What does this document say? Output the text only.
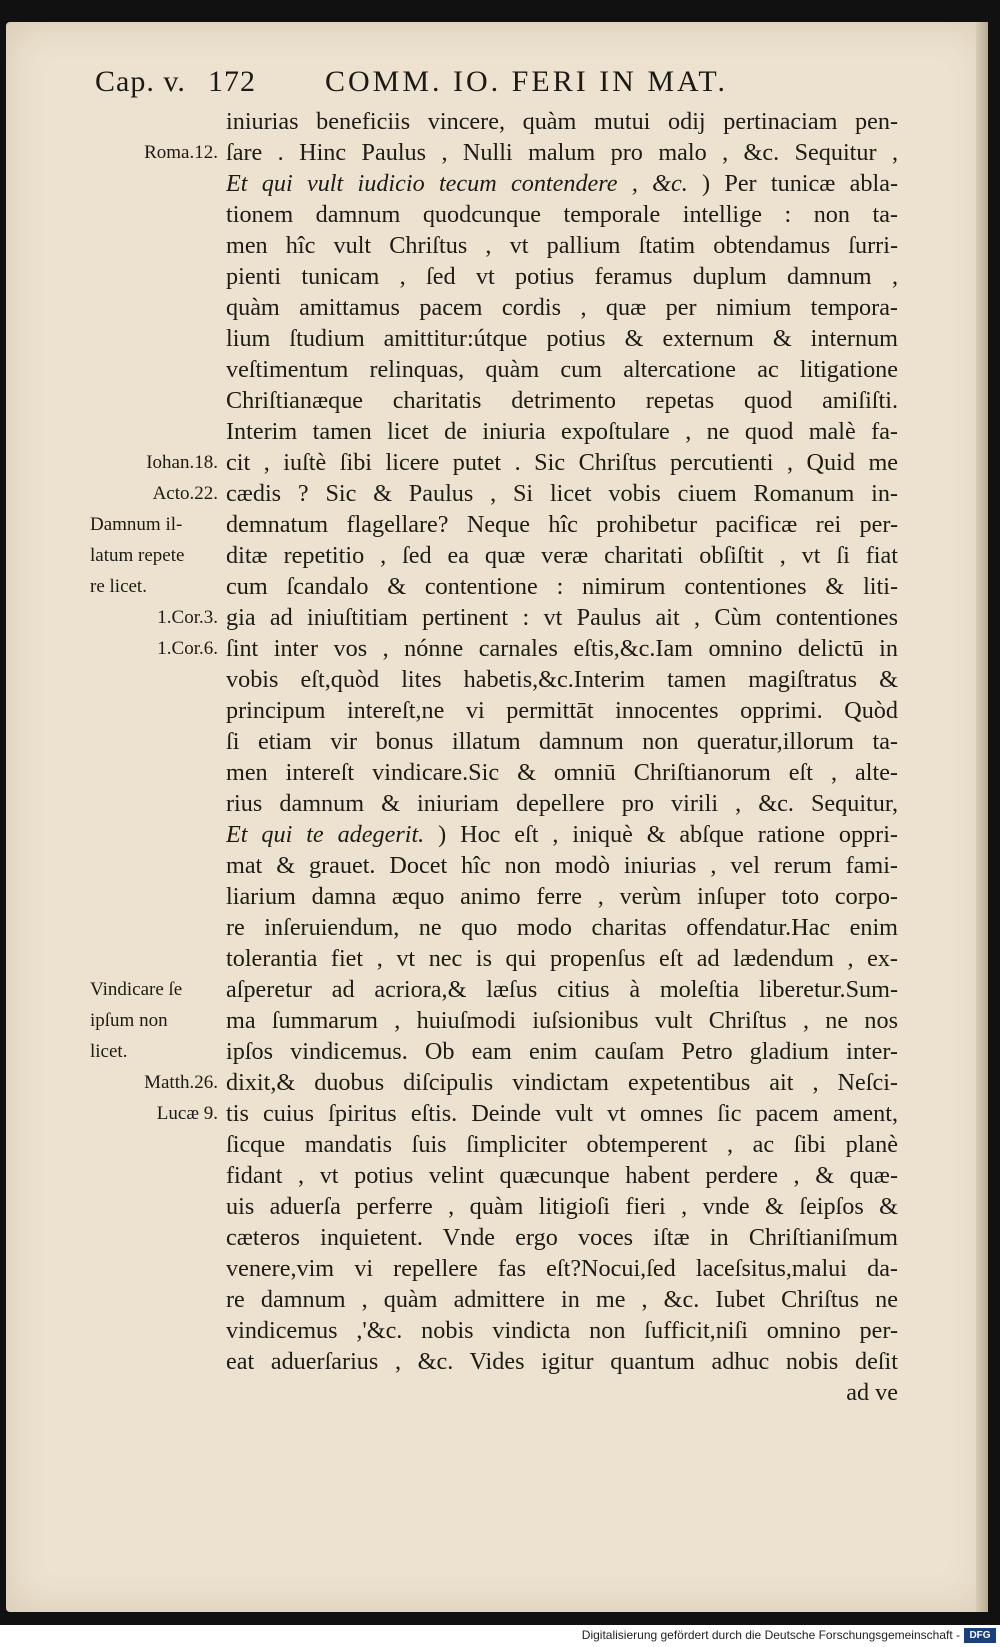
Cap. v. 172 COMM. IO. FERI IN MAT.
Roma.12.
Iohan.18.
Acto.22.
Damnum il-
latum repete
re licet.
1.Cor.3.
1.Cor.6.
Vindicare ſe
ipſum non
licet.
Matth.26.
Lucæ 9.
iniurias beneficiis vincere, quàm mutui odij pertinaciam pen-
ſare . Hinc Paulus , Nulli malum pro malo , &c. Sequitur ,
Et qui vult iudicio tecum contendere , &c. ) Per tunicæ abla-
tionem damnum quodcunque temporale intellige : non ta-
men hîc vult Chriſtus , vt pallium ſtatim obtendamus ſurri-
pienti tunicam , ſed vt potius feramus duplum damnum ,
quàm amittamus pacem cordis , quæ per nimium tempora-
lium ſtudium amittitur:útque potius & externum & internum
veſtimentum relinquas, quàm cum altercatione ac litigatione
Chriſtianæque charitatis detrimento repetas quod amiſiſti.
Interim tamen licet de iniuria expoſtulare , ne quod malè fa-
cit , iuſtè ſibi licere putet . Sic Chriſtus percutienti , Quid me
cædis ? Sic & Paulus , Si licet vobis ciuem Romanum in-
demnatum flagellare? Neque hîc prohibetur pacificæ rei per-
ditæ repetitio , ſed ea quæ veræ charitati obſiſtit , vt ſi fiat
cum ſcandalo & contentione : nimirum contentiones & liti-
gia ad iniuſtitiam pertinent : vt Paulus ait , Cùm contentiones
ſint inter vos , nónne carnales eſtis,&c.Iam omnino delictū in
vobis eſt,quòd lites habetis,&c.Interim tamen magiſtratus &
principum intereſt,ne vi permittāt innocentes opprimi. Quòd
ſi etiam vir bonus illatum damnum non queratur,illorum ta-
men intereſt vindicare.Sic & omniū Chriſtianorum eſt , alte-
rius damnum & iniuriam depellere pro virili , &c. Sequitur,
Et qui te adegerit. ) Hoc eſt , iniquè & abſque ratione oppri-
mat & grauet. Docet hîc non modò iniurias , vel rerum fami-
liarium damna æquo animo ferre , verùm inſuper toto corpo-
re inſeruiendum, ne quo modo charitas offendatur.Hac enim
tolerantia fiet , vt nec is qui propenſus eſt ad lædendum , ex-
aſperetur ad acriora,& læſus citius à moleſtia liberetur.Sum-
ma ſummarum , huiuſmodi iuſsionibus vult Chriſtus , ne nos
ipſos vindicemus. Ob eam enim cauſam Petro gladium inter-
dixit,& duobus diſcipulis vindictam expetentibus ait , Neſci-
tis cuius ſpiritus eſtis. Deinde vult vt omnes ſic pacem ament,
ſicque mandatis ſuis ſimpliciter obtemperent , ac ſibi planè
fidant , vt potius velint quæcunque habent perdere , & quæ-
uis aduerſa perferre , quàm litigioſi fieri , vnde & ſeipſos &
cæteros inquietent. Vnde ergo voces iſtæ in Chriſtianiſmum
venere,vim vi repellere fas eſt?Nocui,ſed laceſsitus,malui da-
re damnum , quàm admittere in me , &c. Iubet Chriſtus ne
vindicemus ,'&c. nobis vindicta non ſufficit,niſi omnino per-
eat aduerſarius , &c. Vides igitur quantum adhuc nobis deſit
ad ve
Digitalisierung gefördert durch die Deutsche Forschungsgemeinschaft - DFG
